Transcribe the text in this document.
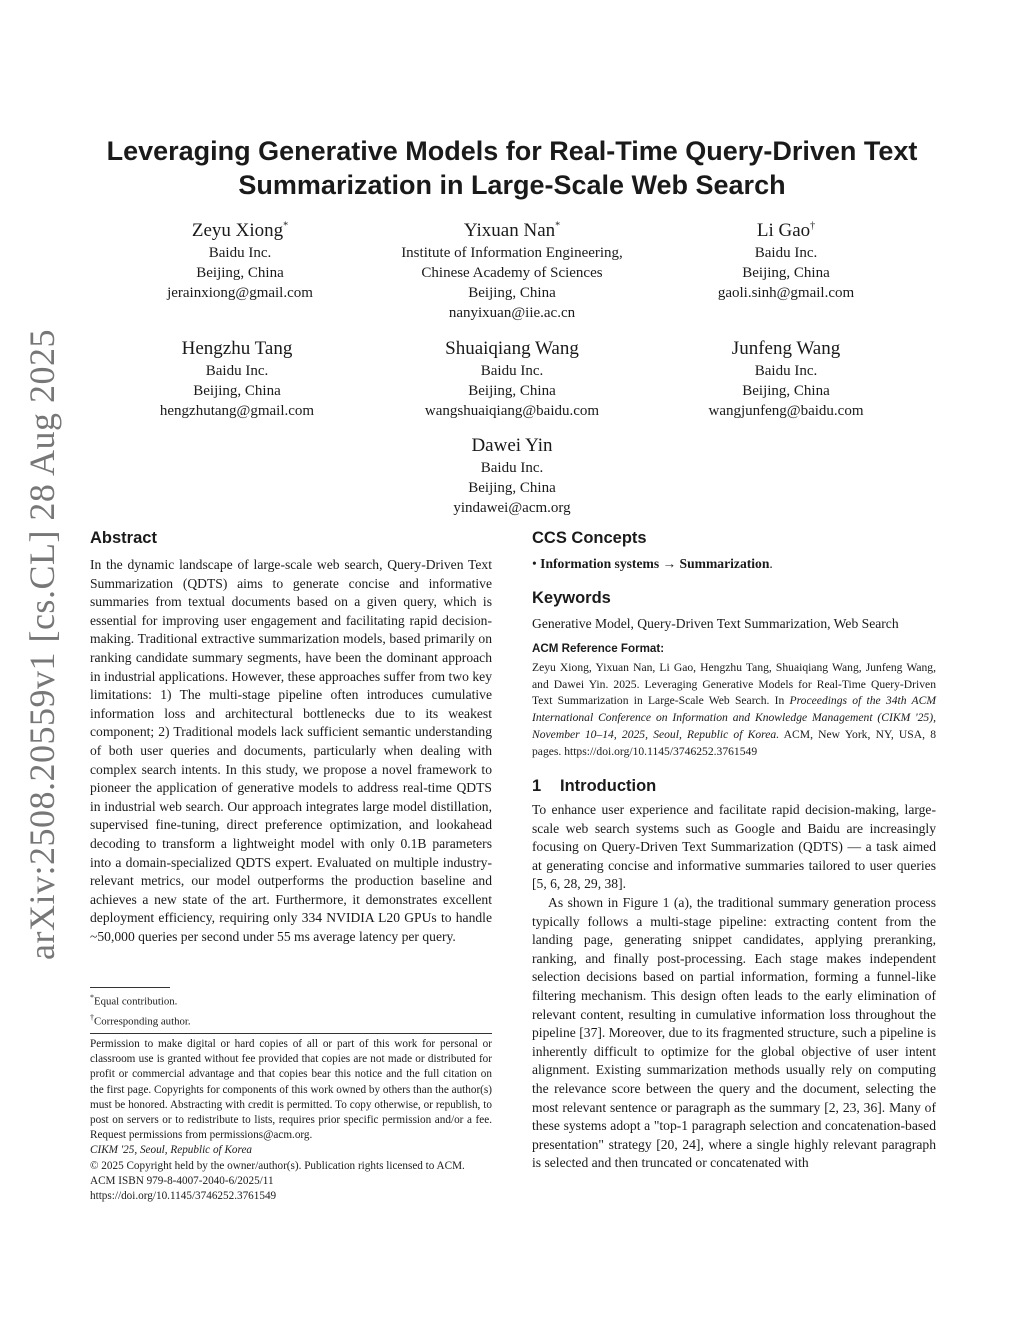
arXiv:2508.20559v1 [cs.CL] 28 Aug 2025
Leveraging Generative Models for Real-Time Query-Driven Text Summarization in Large-Scale Web Search
Zeyu Xiong*
Baidu Inc.
Beijing, China
jerainxiong@gmail.com
Yixuan Nan*
Institute of Information Engineering,
Chinese Academy of Sciences
Beijing, China
nanyixuan@iie.ac.cn
Li Gao†
Baidu Inc.
Beijing, China
gaoli.sinh@gmail.com
Hengzhu Tang
Baidu Inc.
Beijing, China
hengzhutang@gmail.com
Shuaiqiang Wang
Baidu Inc.
Beijing, China
wangshuaiqiang@baidu.com
Junfeng Wang
Baidu Inc.
Beijing, China
wangjunfeng@baidu.com
Dawei Yin
Baidu Inc.
Beijing, China
yindawei@acm.org
Abstract

In the dynamic landscape of large-scale web search, Query-Driven Text Summarization (QDTS) aims to generate concise and informative summaries from textual documents based on a given query, which is essential for improving user engagement and facilitating rapid decision-making. Traditional extractive summarization models, based primarily on ranking candidate summary segments, have been the dominant approach in industrial applications. However, these approaches suffer from two key limitations: 1) The multi-stage pipeline often introduces cumulative information loss and architectural bottlenecks due to its weakest component; 2) Traditional models lack sufficient semantic understanding of both user queries and documents, particularly when dealing with complex search intents. In this study, we propose a novel framework to pioneer the application of generative models to address real-time QDTS in industrial web search. Our approach integrates large model distillation, supervised fine-tuning, direct preference optimization, and lookahead decoding to transform a lightweight model with only 0.1B parameters into a domain-specialized QDTS expert. Evaluated on multiple industry-relevant metrics, our model outperforms the production baseline and achieves a new state of the art. Furthermore, it demonstrates excellent deployment efficiency, requiring only 334 NVIDIA L20 GPUs to handle ~50,000 queries per second under 55 ms average latency per query.

*Equal contribution.
†Corresponding author.

Permission to make digital or hard copies of all or part of this work for personal or classroom use is granted without fee provided that copies are not made or distributed for profit or commercial advantage and that copies bear this notice and the full citation on the first page. Copyrights for components of this work owned by others than the author(s) must be honored. Abstracting with credit is permitted. To copy otherwise, or republish, to post on servers or to redistribute to lists, requires prior specific permission and/or a fee. Request permissions from permissions@acm.org.

CIKM '25, Seoul, Republic of Korea

© 2025 Copyright held by the owner/author(s). Publication rights licensed to ACM.

ACM ISBN 979-8-4007-2040-6/2025/11

https://doi.org/10.1145/3746252.3761549

CCS Concepts

• Information systems → Summarization.

Keywords

Generative Model, Query-Driven Text Summarization, Web Search

ACM Reference Format:

Zeyu Xiong, Yixuan Nan, Li Gao, Hengzhu Tang, Shuaiqiang Wang, Junfeng Wang, and Dawei Yin. 2025. Leveraging Generative Models for Real-Time Query-Driven Text Summarization in Large-Scale Web Search. In Proceedings of the 34th ACM International Conference on Information and Knowledge Management (CIKM '25), November 10–14, 2025, Seoul, Republic of Korea. ACM, New York, NY, USA, 8 pages. https://doi.org/10.1145/3746252.3761549

1 Introduction

To enhance user experience and facilitate rapid decision-making, large-scale web search systems such as Google and Baidu are increasingly focusing on Query-Driven Text Summarization (QDTS) — a task aimed at generating concise and informative summaries tailored to user queries [5, 6, 28, 29, 38].

As shown in Figure 1 (a), the traditional summary generation process typically follows a multi-stage pipeline: extracting content from the landing page, generating snippet candidates, applying preranking, ranking, and finally post-processing. Each stage makes independent selection decisions based on partial information, forming a funnel-like filtering mechanism. This design often leads to the early elimination of relevant content, resulting in cumulative information loss throughout the pipeline [37]. Moreover, due to its fragmented structure, such a pipeline is inherently difficult to optimize for the global objective of user intent alignment. Existing summarization methods usually rely on computing the relevance score between the query and the document, selecting the most relevant sentence or paragraph as the summary [2, 23, 36]. Many of these systems adopt a "top-1 paragraph selection and concatenation-based presentation" strategy [20, 24], where a single highly relevant paragraph is selected and then truncated or concatenated with
